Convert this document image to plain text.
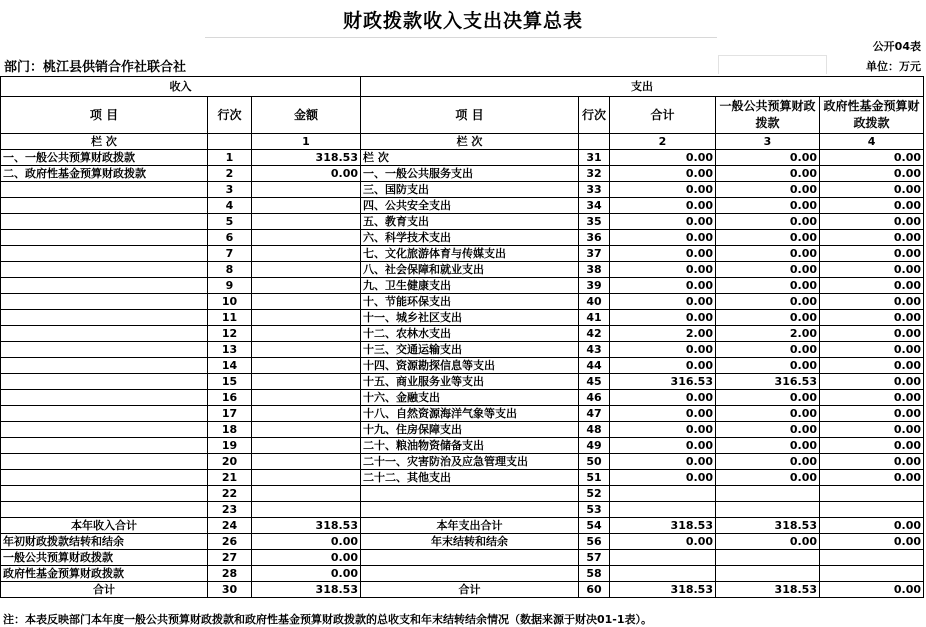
财政拨款收入支出决算总表
公开04表
部门：桃江县供销合作社联合社	单位：万元
收入			支出				
项 目	行次	金额	项 目	行次	合计	一般公共预算财政拨款	政府性基金预算财政拨款
栏 次		1	栏 次		2	3	4
一、一般公共预算财政拨款	1	318.53	栏 次	31	0.00	0.00	0.00
二、政府性基金预算财政拨款	2	0.00	一、一般公共服务支出	32	0.00	0.00	0.00
	3		三、国防支出	33	0.00	0.00	0.00
	4		四、公共安全支出	34	0.00	0.00	0.00
	5		五、教育支出	35	0.00	0.00	0.00
	6		六、科学技术支出	36	0.00	0.00	0.00
	7		七、文化旅游体育与传媒支出	37	0.00	0.00	0.00
	8		八、社会保障和就业支出	38	0.00	0.00	0.00
	9		九、卫生健康支出	39	0.00	0.00	0.00
	10		十、节能环保支出	40	0.00	0.00	0.00
	11		十一、城乡社区支出	41	0.00	0.00	0.00
	12		十二、农林水支出	42	2.00	2.00	0.00
	13		十三、交通运输支出	43	0.00	0.00	0.00
	14		十四、资源勘探信息等支出	44	0.00	0.00	0.00
	15		十五、商业服务业等支出	45	316.53	316.53	0.00
	16		十六、金融支出	46	0.00	0.00	0.00
	17		十八、自然资源海洋气象等支出	47	0.00	0.00	0.00
	18		十九、住房保障支出	48	0.00	0.00	0.00
	19		二十、粮油物资储备支出	49	0.00	0.00	0.00
	20		二十一、灾害防治及应急管理支出	50	0.00	0.00	0.00
	21		二十二、其他支出	51	0.00	0.00	0.00
	22			52			
	23			53			
本年收入合计	24	318.53	本年支出合计	54	318.53	318.53	0.00
年初财政拨款结转和结余	26	0.00	年末结转和结余	56	0.00	0.00	0.00
一般公共预算财政拨款	27	0.00		57			
政府性基金预算财政拨款	28	0.00		58			
合计	30	318.53	合计	60	318.53	318.53	0.00
注：本表反映部门本年度一般公共预算财政拨款和政府性基金预算财政拨款的总收支和年末结转结余情况（数据来源于财决01-1表）。
